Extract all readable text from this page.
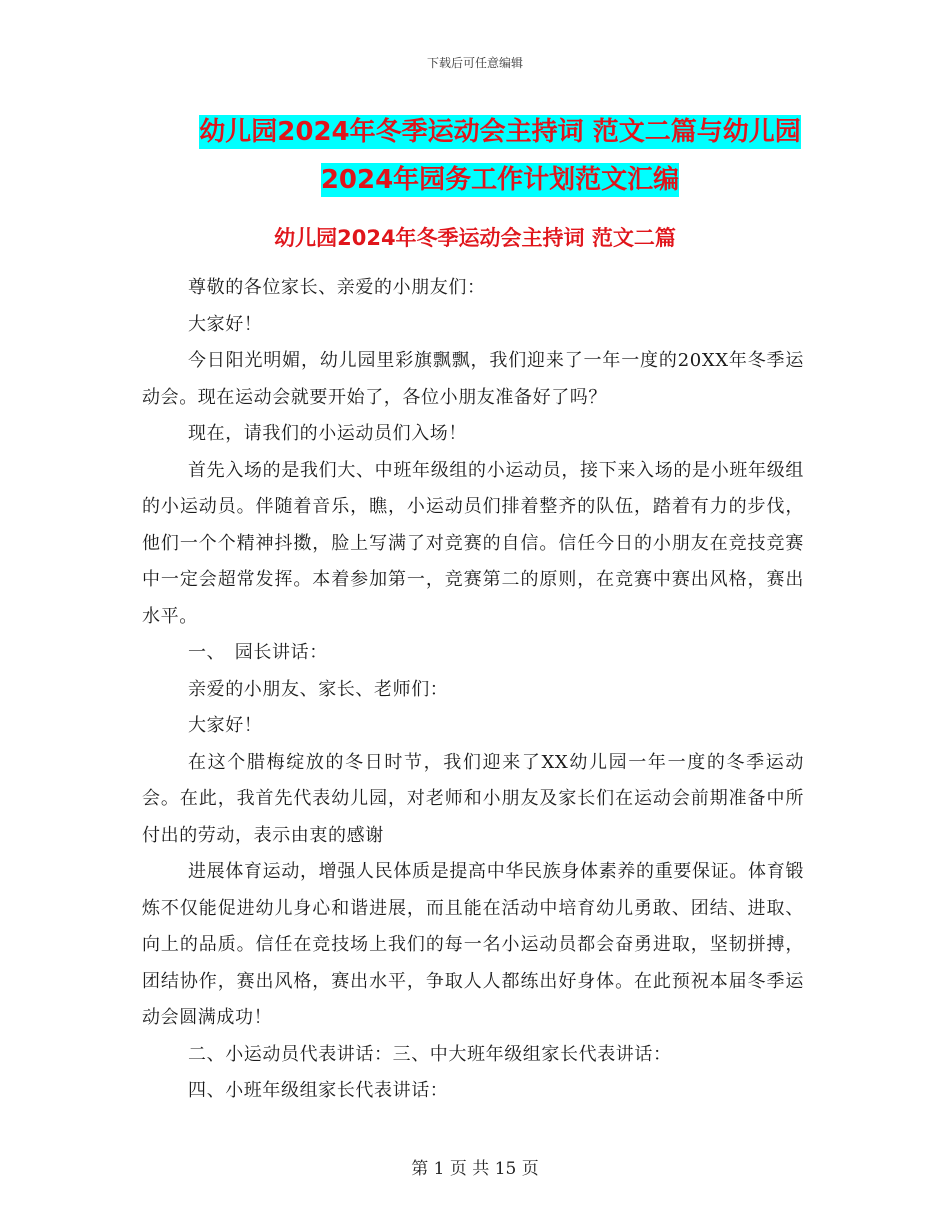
下载后可任意编辑
幼儿园2024年冬季运动会主持词 范文二篇与幼儿园
2024年园务工作计划范文汇编
幼儿园2024年冬季运动会主持词 范文二篇

尊敬的各位家长、亲爱的小朋友们：

大家好！

今日阳光明媚，幼儿园里彩旗飘飘，我们迎来了一年一度的20XX年冬季运动会。现在运动会就要开始了，各位小朋友准备好了吗？

现在，请我们的小运动员们入场！

首先入场的是我们大、中班年级组的小运动员，接下来入场的是小班年级组的小运动员。伴随着音乐，瞧，小运动员们排着整齐的队伍，踏着有力的步伐，他们一个个精神抖擞，脸上写满了对竞赛的自信。信任今日的小朋友在竞技竞赛中一定会超常发挥。本着参加第一，竞赛第二的原则，在竞赛中赛出风格，赛出水平。

一、　园长讲话：

亲爱的小朋友、家长、老师们：

大家好！

在这个腊梅绽放的冬日时节，我们迎来了XX幼儿园一年一度的冬季运动会。在此，我首先代表幼儿园，对老师和小朋友及家长们在运动会前期准备中所付出的劳动，表示由衷的感谢

进展体育运动，增强人民体质是提高中华民族身体素养的重要保证。体育锻炼不仅能促进幼儿身心和谐进展，而且能在活动中培育幼儿勇敢、团结、进取、向上的品质。信任在竞技场上我们的每一名小运动员都会奋勇进取，坚韧拼搏，团结协作，赛出风格，赛出水平，争取人人都练出好身体。在此预祝本届冬季运动会圆满成功！

二、小运动员代表讲话：三、中大班年级组家长代表讲话：

四、小班年级组家长代表讲话：

第 1 页 共 15 页
